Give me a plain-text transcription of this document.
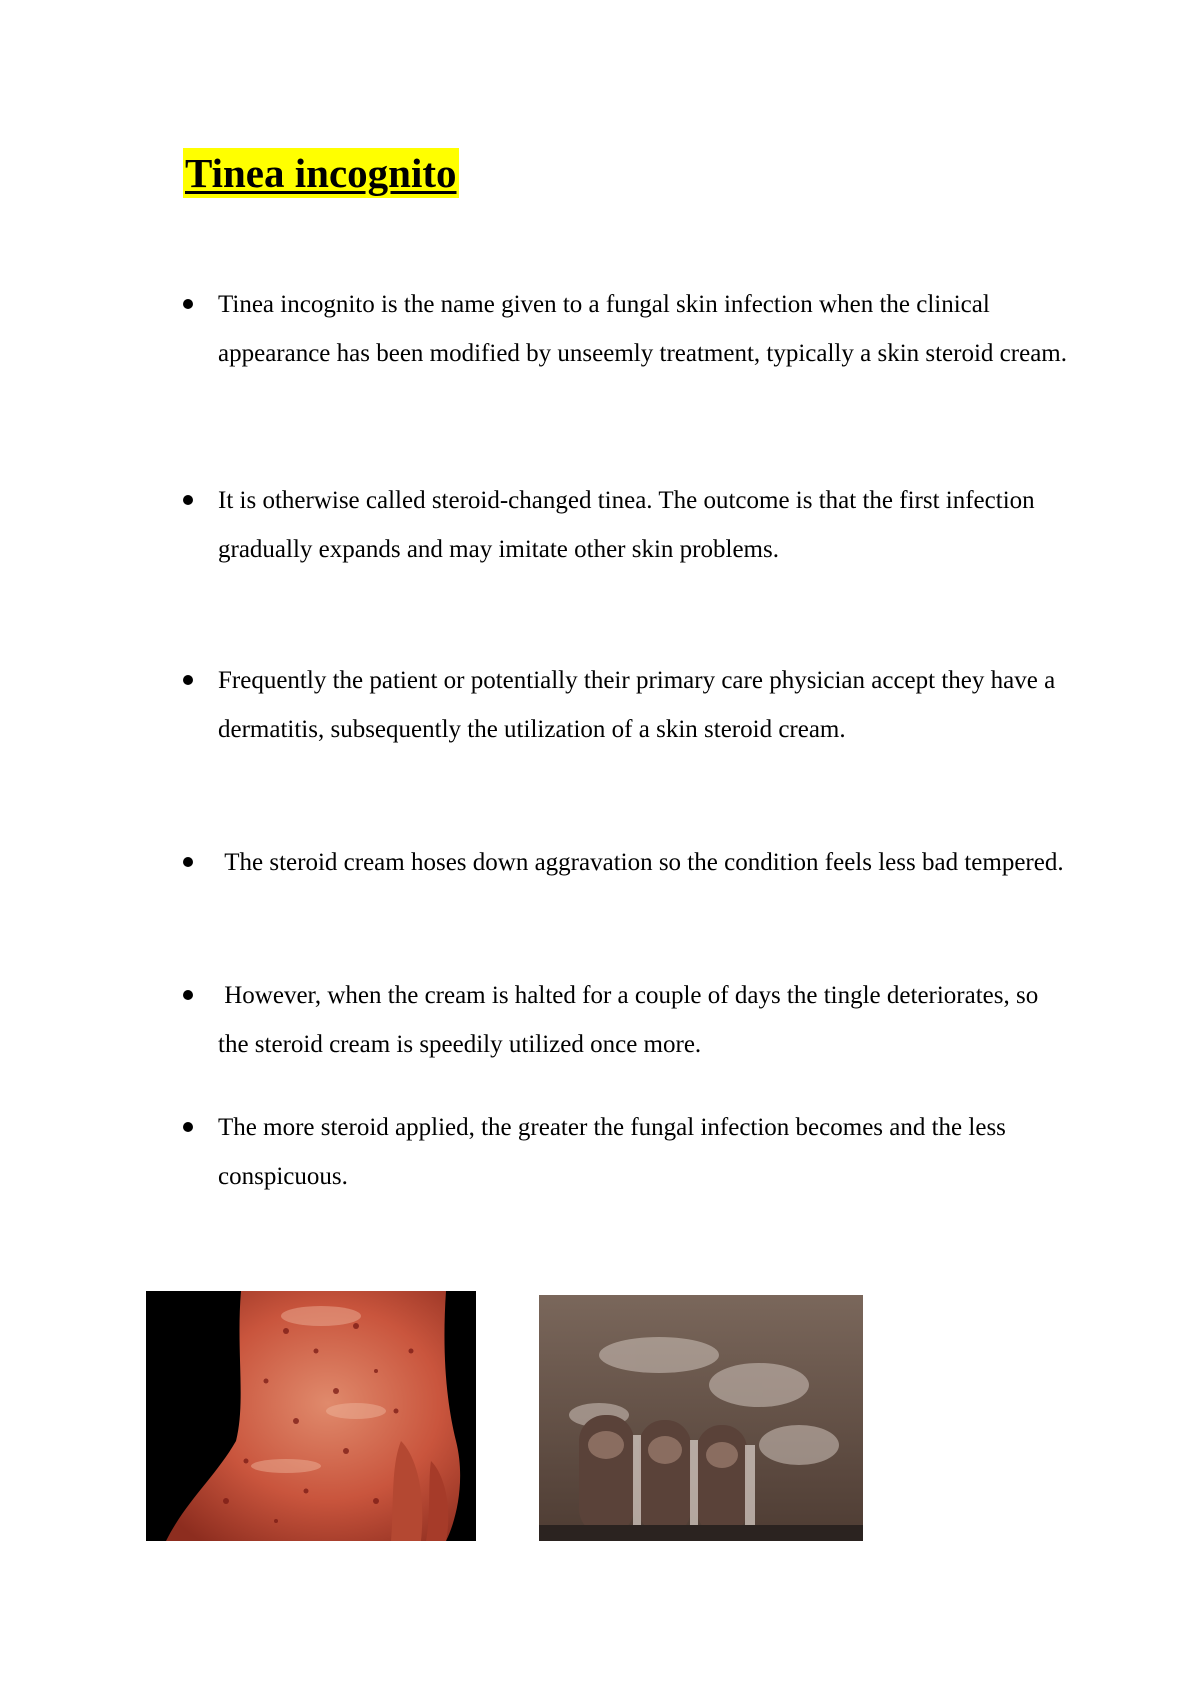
Tinea incognito
Tinea incognito is the name given to a fungal skin infection when the clinical appearance has been modified by unseemly treatment, typically a skin steroid cream.
It is otherwise called steroid-changed tinea. The outcome is that the first infection gradually expands and may imitate other skin problems.
Frequently the patient or potentially their primary care physician accept they have a dermatitis, subsequently the utilization of a skin steroid cream.
The steroid cream hoses down aggravation so the condition feels less bad tempered.
However, when the cream is halted for a couple of days the tingle deteriorates, so the steroid cream is speedily utilized once more.
The more steroid applied, the greater the fungal infection becomes and the less conspicuous.
